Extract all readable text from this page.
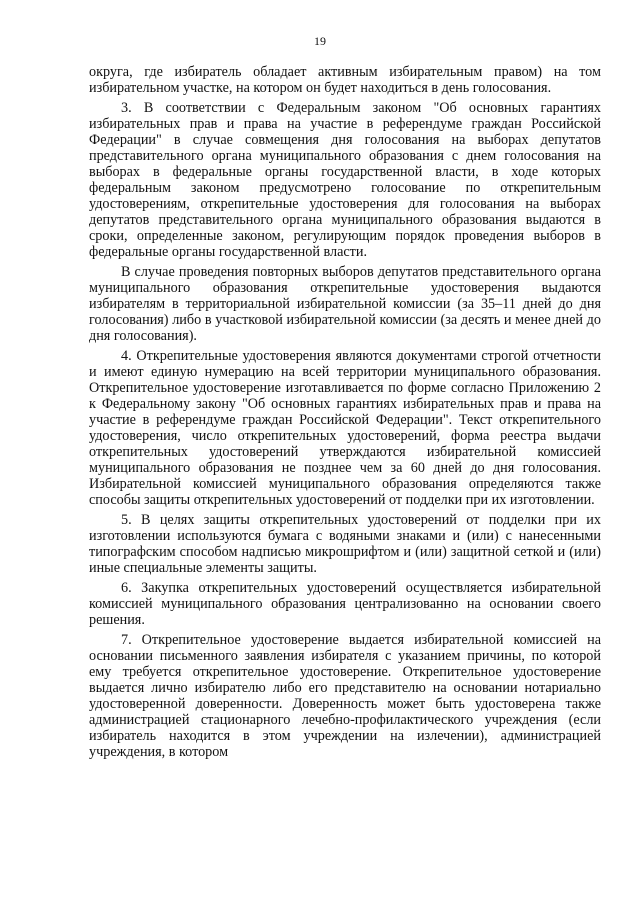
19

округа, где избиратель обладает активным избирательным правом) на том избирательном участке, на котором он будет находиться в день голосования.

3. В соответствии с Федеральным законом "Об основных гарантиях избирательных прав и права на участие в референдуме граждан Российской Федерации" в случае совмещения дня голосования на выборах депутатов представительного органа муниципального образования с днем голосования на выборах в федеральные органы государственной власти, в ходе которых федеральным законом предусмотрено голосование по открепительным удостоверениям, открепительные удостоверения для голосования на выборах депутатов представительного органа муниципального образования выдаются в сроки, определенные законом, регулирующим порядок проведения выборов в федеральные органы государственной власти.

В случае проведения повторных выборов депутатов представительного органа муниципального образования открепительные удостоверения выдаются избирателям в территориальной избирательной комиссии (за 35–11 дней до дня голосования) либо в участковой избирательной комиссии (за десять и менее дней до дня голосования).

4. Открепительные удостоверения являются документами строгой отчетности и имеют единую нумерацию на всей территории муниципального образования. Открепительное удостоверение изготавливается по форме согласно Приложению 2 к Федеральному закону "Об основных гарантиях избирательных прав и права на участие в референдуме граждан Российской Федерации". Текст открепительного удостоверения, число открепительных удостоверений, форма реестра выдачи открепительных удостоверений утверждаются избирательной комиссией муниципального образования не позднее чем за 60 дней до дня голосования. Избирательной комиссией муниципального образования определяются также способы защиты открепительных удостоверений от подделки при их изготовлении.

5. В целях защиты открепительных удостоверений от подделки при их изготовлении используются бумага с водяными знаками и (или) с нанесенными типографским способом надписью микрошрифтом и (или) защитной сеткой и (или) иные специальные элементы защиты.

6. Закупка открепительных удостоверений осуществляется избирательной комиссией муниципального образования централизованно на основании своего решения.

7. Открепительное удостоверение выдается избирательной комиссией на основании письменного заявления избирателя с указанием причины, по которой ему требуется открепительное удостоверение. Открепительное удостоверение выдается лично избирателю либо его представителю на основании нотариально удостоверенной доверенности. Доверенность может быть удостоверена также администрацией стационарного лечебно-профилактического учреждения (если избиратель находится в этом учреждении на излечении), администрацией учреждения, в котором
